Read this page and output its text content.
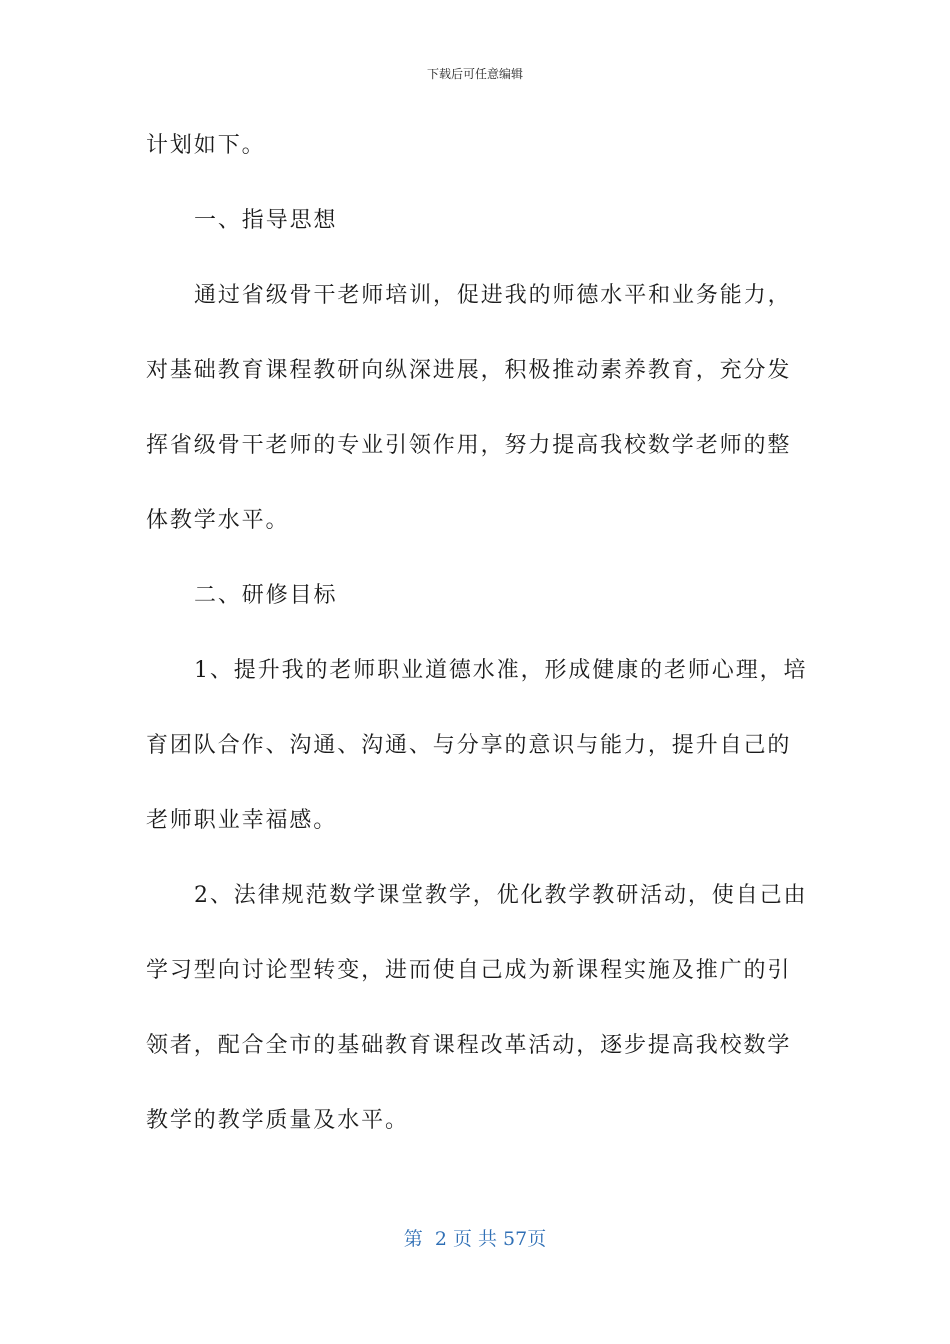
下载后可任意编辑
计划如下。
一、指导思想
通过省级骨干老师培训，促进我的师德水平和业务能力，
对基础教育课程教研向纵深进展，积极推动素养教育，充分发
挥省级骨干老师的专业引领作用，努力提高我校数学老师的整
体教学水平。
二、研修目标
1、提升我的老师职业道德水准，形成健康的老师心理，培
育团队合作、沟通、沟通、与分享的意识与能力，提升自己的
老师职业幸福感。
2、法律规范数学课堂教学，优化教学教研活动，使自己由
学习型向讨论型转变，进而使自己成为新课程实施及推广的引
领者，配合全市的基础教育课程改革活动，逐步提高我校数学
教学的教学质量及水平。
第  2 页 共 57页
